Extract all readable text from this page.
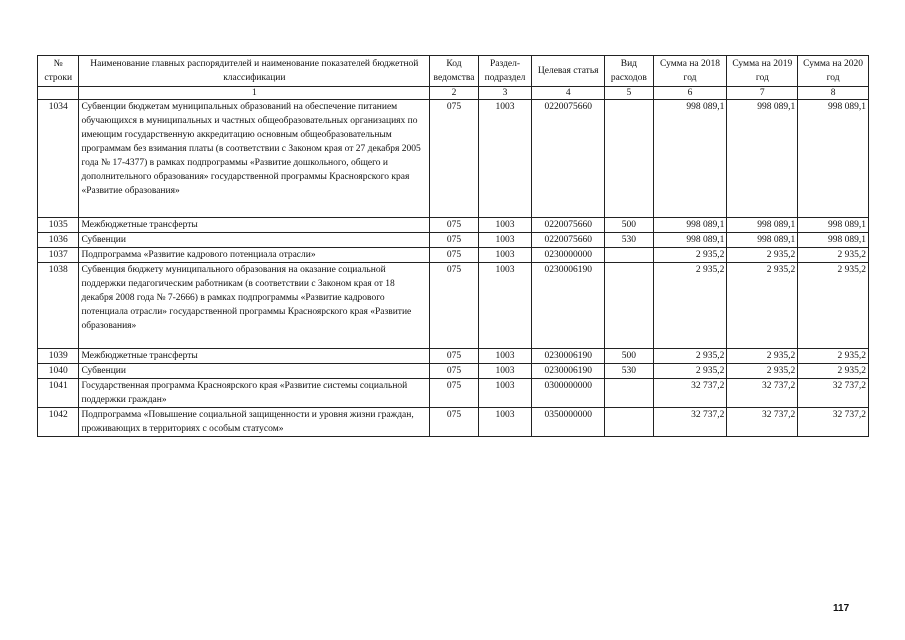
№ строки	Наименование главных распорядителей и наименование показателей бюджетной классификации	Код ведомства	Раздел-подраздел	Целевая статья	Вид расходов	Сумма на 2018 год	Сумма на 2019 год	Сумма на 2020 год
	1	2	3	4	5	6	7	8
1034	Субвенции бюджетам муниципальных образований на обеспечение питанием обучающихся в муниципальных и частных общеобразовательных организациях по имеющим государственную аккредитацию основным общеобразовательным программам без взимания платы (в соответствии с Законом края от 27 декабря 2005 года № 17-4377) в рамках подпрограммы «Развитие дошкольного, общего и дополнительного образования» государственной программы Красноярского края «Развитие образования»	075	1003	0220075660		998 089,1	998 089,1	998 089,1
1035	Межбюджетные трансферты	075	1003	0220075660	500	998 089,1	998 089,1	998 089,1
1036	Субвенции	075	1003	0220075660	530	998 089,1	998 089,1	998 089,1
1037	Подпрограмма «Развитие кадрового потенциала отрасли»	075	1003	0230000000		2 935,2	2 935,2	2 935,2
1038	Субвенция бюджету муниципального образования на оказание социальной поддержки педагогическим работникам (в соответствии с Законом края от 18 декабря 2008 года № 7-2666) в рамках подпрограммы «Развитие кадрового потенциала отрасли» государственной программы Красноярского края «Развитие образования»	075	1003	0230006190		2 935,2	2 935,2	2 935,2
1039	Межбюджетные трансферты	075	1003	0230006190	500	2 935,2	2 935,2	2 935,2
1040	Субвенции	075	1003	0230006190	530	2 935,2	2 935,2	2 935,2
1041	Государственная программа Красноярского края «Развитие системы социальной поддержки граждан»	075	1003	0300000000		32 737,2	32 737,2	32 737,2
1042	Подпрограмма «Повышение социальной защищенности и уровня жизни граждан, проживающих в территориях с особым статусом»	075	1003	0350000000		32 737,2	32 737,2	32 737,2
117
